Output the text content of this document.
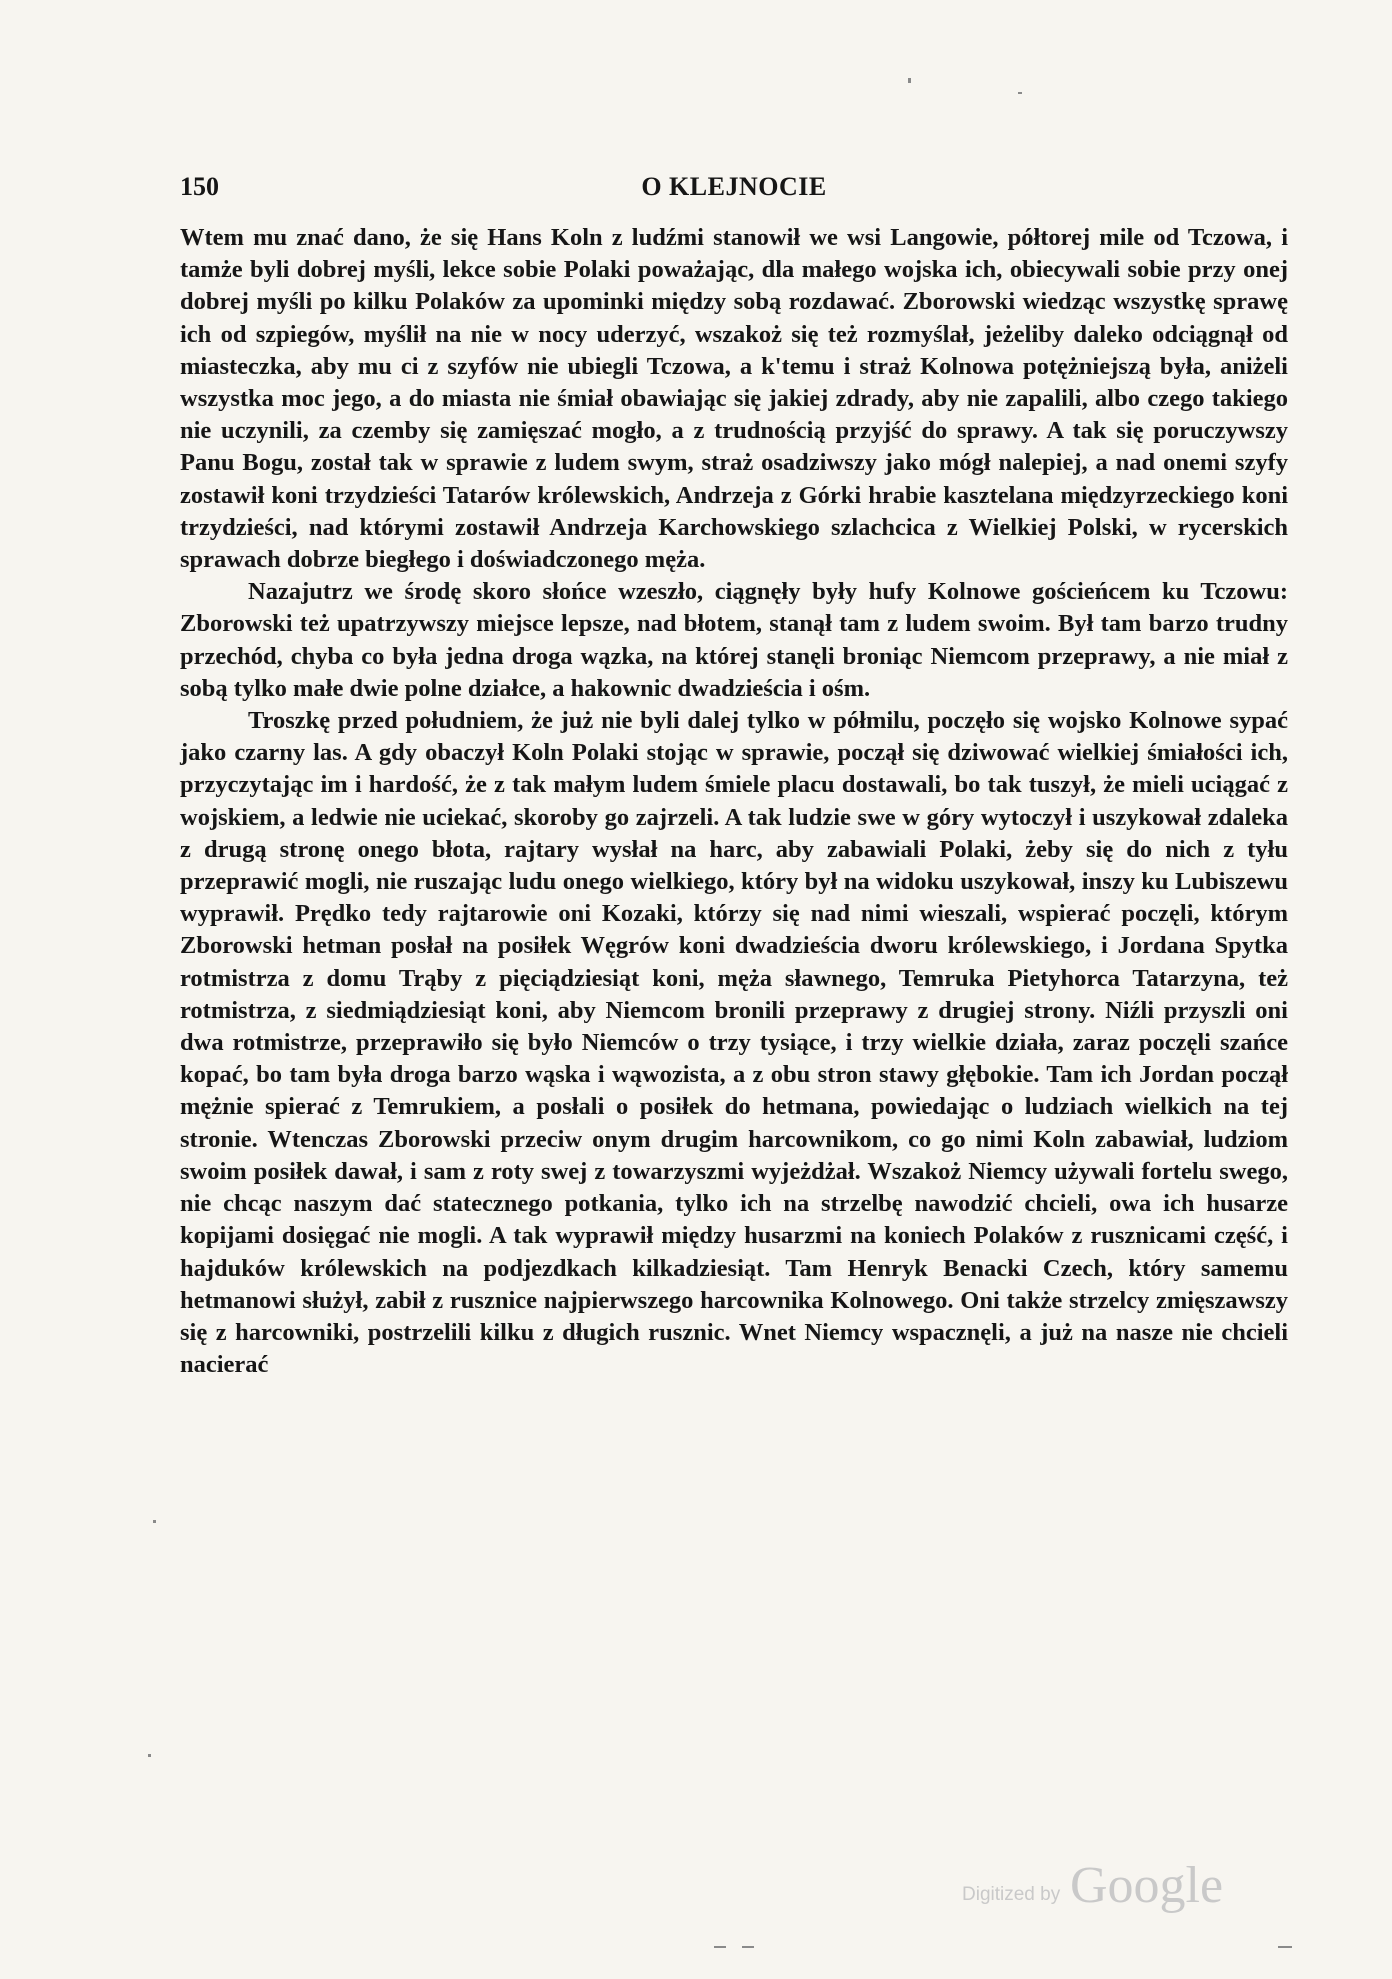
150	O KLEJNOCIE

Wtem mu znać dano, że się Hans Koln z ludźmi stanowił we wsi Langowie, półtorej mile od Tczowa, i tamże byli dobrej myśli, lekce sobie Polaki poważając, dla małego wojska ich, obiecywali sobie przy onej dobrej myśli po kilku Polaków za upominki między sobą rozdawać. Zborowski wiedząc wszystkę sprawę ich od szpiegów, myślił na nie w nocy uderzyć, wszakoż się też rozmyślał, jeżeliby daleko odciągnął od miasteczka, aby mu ci z szyfów nie ubiegli Tczowa, a k'temu i straż Kolnowa potężniejszą była, aniżeli wszystka moc jego, a do miasta nie śmiał obawiając się jakiej zdrady, aby nie zapalili, albo czego takiego nie uczynili, za czemby się zamięszać mogło, a z trudnością przyjść do sprawy. A tak się poruczywszy Panu Bogu, został tak w sprawie z ludem swym, straż osadziwszy jako mógł nalepiej, a nad onemi szyfy zostawił koni trzydzieści Tatarów królewskich, Andrzeja z Górki hrabie kasztelana międzyrzeckiego koni trzydzieści, nad którymi zostawił Andrzeja Karchowskiego szlachcica z Wielkiej Polski, w rycerskich sprawach dobrze biegłego i doświadczonego męża.

Nazajutrz we środę skoro słońce wzeszło, ciągnęły były hufy Kolnowe gościeńcem ku Tczowu: Zborowski też upatrzywszy miejsce lepsze, nad błotem, stanął tam z ludem swoim. Był tam barzo trudny przechód, chyba co była jedna droga wązka, na której stanęli broniąc Niemcom przeprawy, a nie miał z sobą tylko małe dwie polne działce, a hakownic dwadzieścia i ośm.

Troszkę przed południem, że już nie byli dalej tylko w półmilu, poczęło się wojsko Kolnowe sypać jako czarny las. A gdy obaczył Koln Polaki stojąc w sprawie, począł się dziwować wielkiej śmiałości ich, przyczytając im i hardość, że z tak małym ludem śmiele placu dostawali, bo tak tuszył, że mieli uciągać z wojskiem, a ledwie nie uciekać, skoroby go zajrzeli. A tak ludzie swe w góry wytoczył i uszykował zdaleka z drugą stronę onego błota, rajtary wysłał na harc, aby zabawiali Polaki, żeby się do nich z tyłu przeprawić mogli, nie ruszając ludu onego wielkiego, który był na widoku uszykował, inszy ku Lubiszewu wyprawił. Prędko tedy rajtarowie oni Kozaki, którzy się nad nimi wieszali, wspierać poczęli, którym Zborowski hetman posłał na posiłek Węgrów koni dwadzieścia dworu królewskiego, i Jordana Spytka rotmistrza z domu Trąby z pięciądziesiąt koni, męża sławnego, Temruka Pietyhorca Tatarzyna, też rotmistrza, z siedmiądziesiąt koni, aby Niemcom bronili przeprawy z drugiej strony. Niźli przyszli oni dwa rotmistrze, przeprawiło się było Niemców o trzy tysiące, i trzy wielkie działa, zaraz poczęli szańce kopać, bo tam była droga barzo wąska i wąwozista, a z obu stron stawy głębokie. Tam ich Jordan począł mężnie spierać z Temrukiem, a posłali o posiłek do hetmana, powiedając o ludziach wielkich na tej stronie. Wtenczas Zborowski przeciw onym drugim harcownikom, co go nimi Koln zabawiał, ludziom swoim posiłek dawał, i sam z roty swej z towarzyszmi wyjeżdżał. Wszakoż Niemcy używali fortelu swego, nie chcąc naszym dać statecznego potkania, tylko ich na strzelbę nawodzić chcieli, owa ich husarze kopijami dosięgać nie mogli. A tak wyprawił między husarzmi na koniech Polaków z rusznicami część, i hajduków królewskich na podjezdkach kilkadziesiąt. Tam Henryk Benacki Czech, który samemu hetmanowi służył, zabił z rusznice najpierwszego harcownika Kolnowego. Oni także strzelcy zmięszawszy się z harcowniki, postrzelili kilku z długich rusznic. Wnet Niemcy wspacznęli, a już na nasze nie chcieli nacierać

Digitized by Google
